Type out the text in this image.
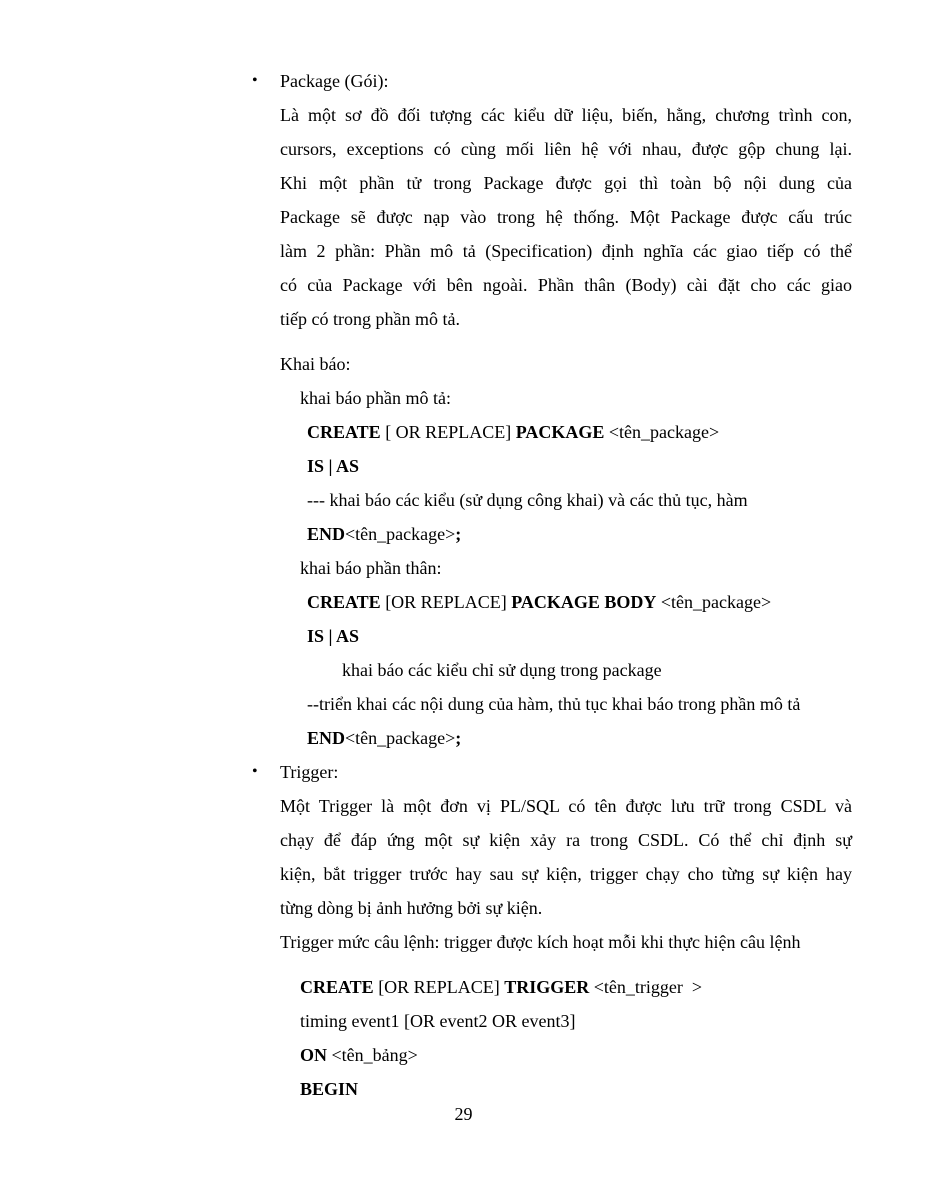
• Package (Gói):
Là một sơ đồ đối tượng các kiểu dữ liệu, biến, hằng, chương trình con,
cursors, exceptions có cùng mối liên hệ với nhau, được gộp chung lại.
Khi một phần tử trong Package được gọi thì toàn bộ nội dung của
Package sẽ được nạp vào trong hệ thống. Một Package được cấu trúc
làm 2 phần: Phần mô tả (Specification) định nghĩa các giao tiếp có thể
có của Package với bên ngoài. Phần thân (Body) cài đặt cho các giao
tiếp có trong phần mô tả.
Khai báo:
khai báo phần mô tả:
CREATE [ OR REPLACE] PACKAGE <tên_package>
IS | AS
--- khai báo các kiểu (sử dụng công khai) và các thủ tục, hàm
END<tên_package>;
khai báo phần thân:
CREATE [OR REPLACE] PACKAGE BODY <tên_package>
IS | AS
khai báo các kiểu chỉ sử dụng trong package
--triển khai các nội dung của hàm, thủ tục khai báo trong phần mô tả
END<tên_package>;
• Trigger:
Một Trigger là một đơn vị PL/SQL có tên được lưu trữ trong CSDL và
chạy để đáp ứng một sự kiện xảy ra trong CSDL. Có thể chỉ định sự
kiện, bắt trigger trước hay sau sự kiện, trigger chạy cho từng sự kiện hay
từng dòng bị ảnh hưởng bởi sự kiện.
Trigger mức câu lệnh: trigger được kích hoạt mỗi khi thực hiện câu lệnh
CREATE [OR REPLACE] TRIGGER <tên_trigger  >
timing event1 [OR event2 OR event3]
ON <tên_bảng>
BEGIN
29
